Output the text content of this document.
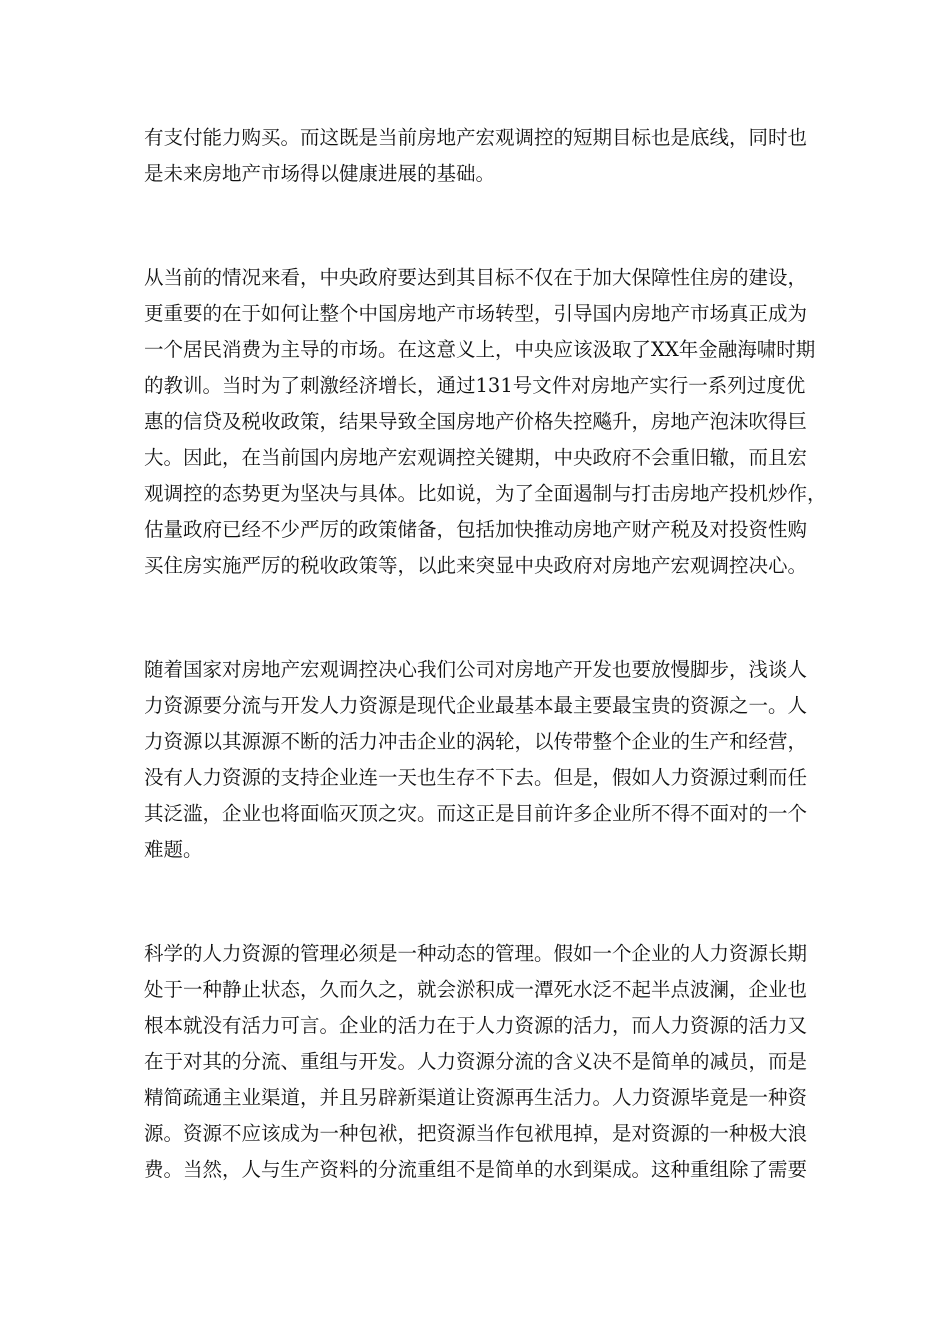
有支付能力购买。而这既是当前房地产宏观调控的短期目标也是底线，同时也

是未来房地产市场得以健康进展的基础。

从当前的情况来看，中央政府要达到其目标不仅在于加大保障性住房的建设，

更重要的在于如何让整个中国房地产市场转型，引导国内房地产市场真正成为

一个居民消费为主导的市场。在这意义上，中央应该汲取了XX年金融海啸时期

的教训。当时为了刺激经济增长，通过131号文件对房地产实行一系列过度优

惠的信贷及税收政策，结果导致全国房地产价格失控飚升，房地产泡沫吹得巨

大。因此，在当前国内房地产宏观调控关键期，中央政府不会重旧辙，而且宏

观调控的态势更为坚决与具体。比如说，为了全面遏制与打击房地产投机炒作，

估量政府已经不少严厉的政策储备，包括加快推动房地产财产税及对投资性购

买住房实施严厉的税收政策等，以此来突显中央政府对房地产宏观调控决心。

随着国家对房地产宏观调控决心我们公司对房地产开发也要放慢脚步，浅谈人

力资源要分流与开发人力资源是现代企业最基本最主要最宝贵的资源之一。人

力资源以其源源不断的活力冲击企业的涡轮，以传带整个企业的生产和经营，

没有人力资源的支持企业连一天也生存不下去。但是，假如人力资源过剩而任

其泛滥，企业也将面临灭顶之灾。而这正是目前许多企业所不得不面对的一个

难题。

科学的人力资源的管理必须是一种动态的管理。假如一个企业的人力资源长期

处于一种静止状态，久而久之，就会淤积成一潭死水泛不起半点波澜，企业也

根本就没有活力可言。企业的活力在于人力资源的活力，而人力资源的活力又

在于对其的分流、重组与开发。人力资源分流的含义决不是简单的减员，而是

精简疏通主业渠道，并且另辟新渠道让资源再生活力。人力资源毕竟是一种资

源。资源不应该成为一种包袱，把资源当作包袱甩掉，是对资源的一种极大浪

费。当然，人与生产资料的分流重组不是简单的水到渠成。这种重组除了需要
